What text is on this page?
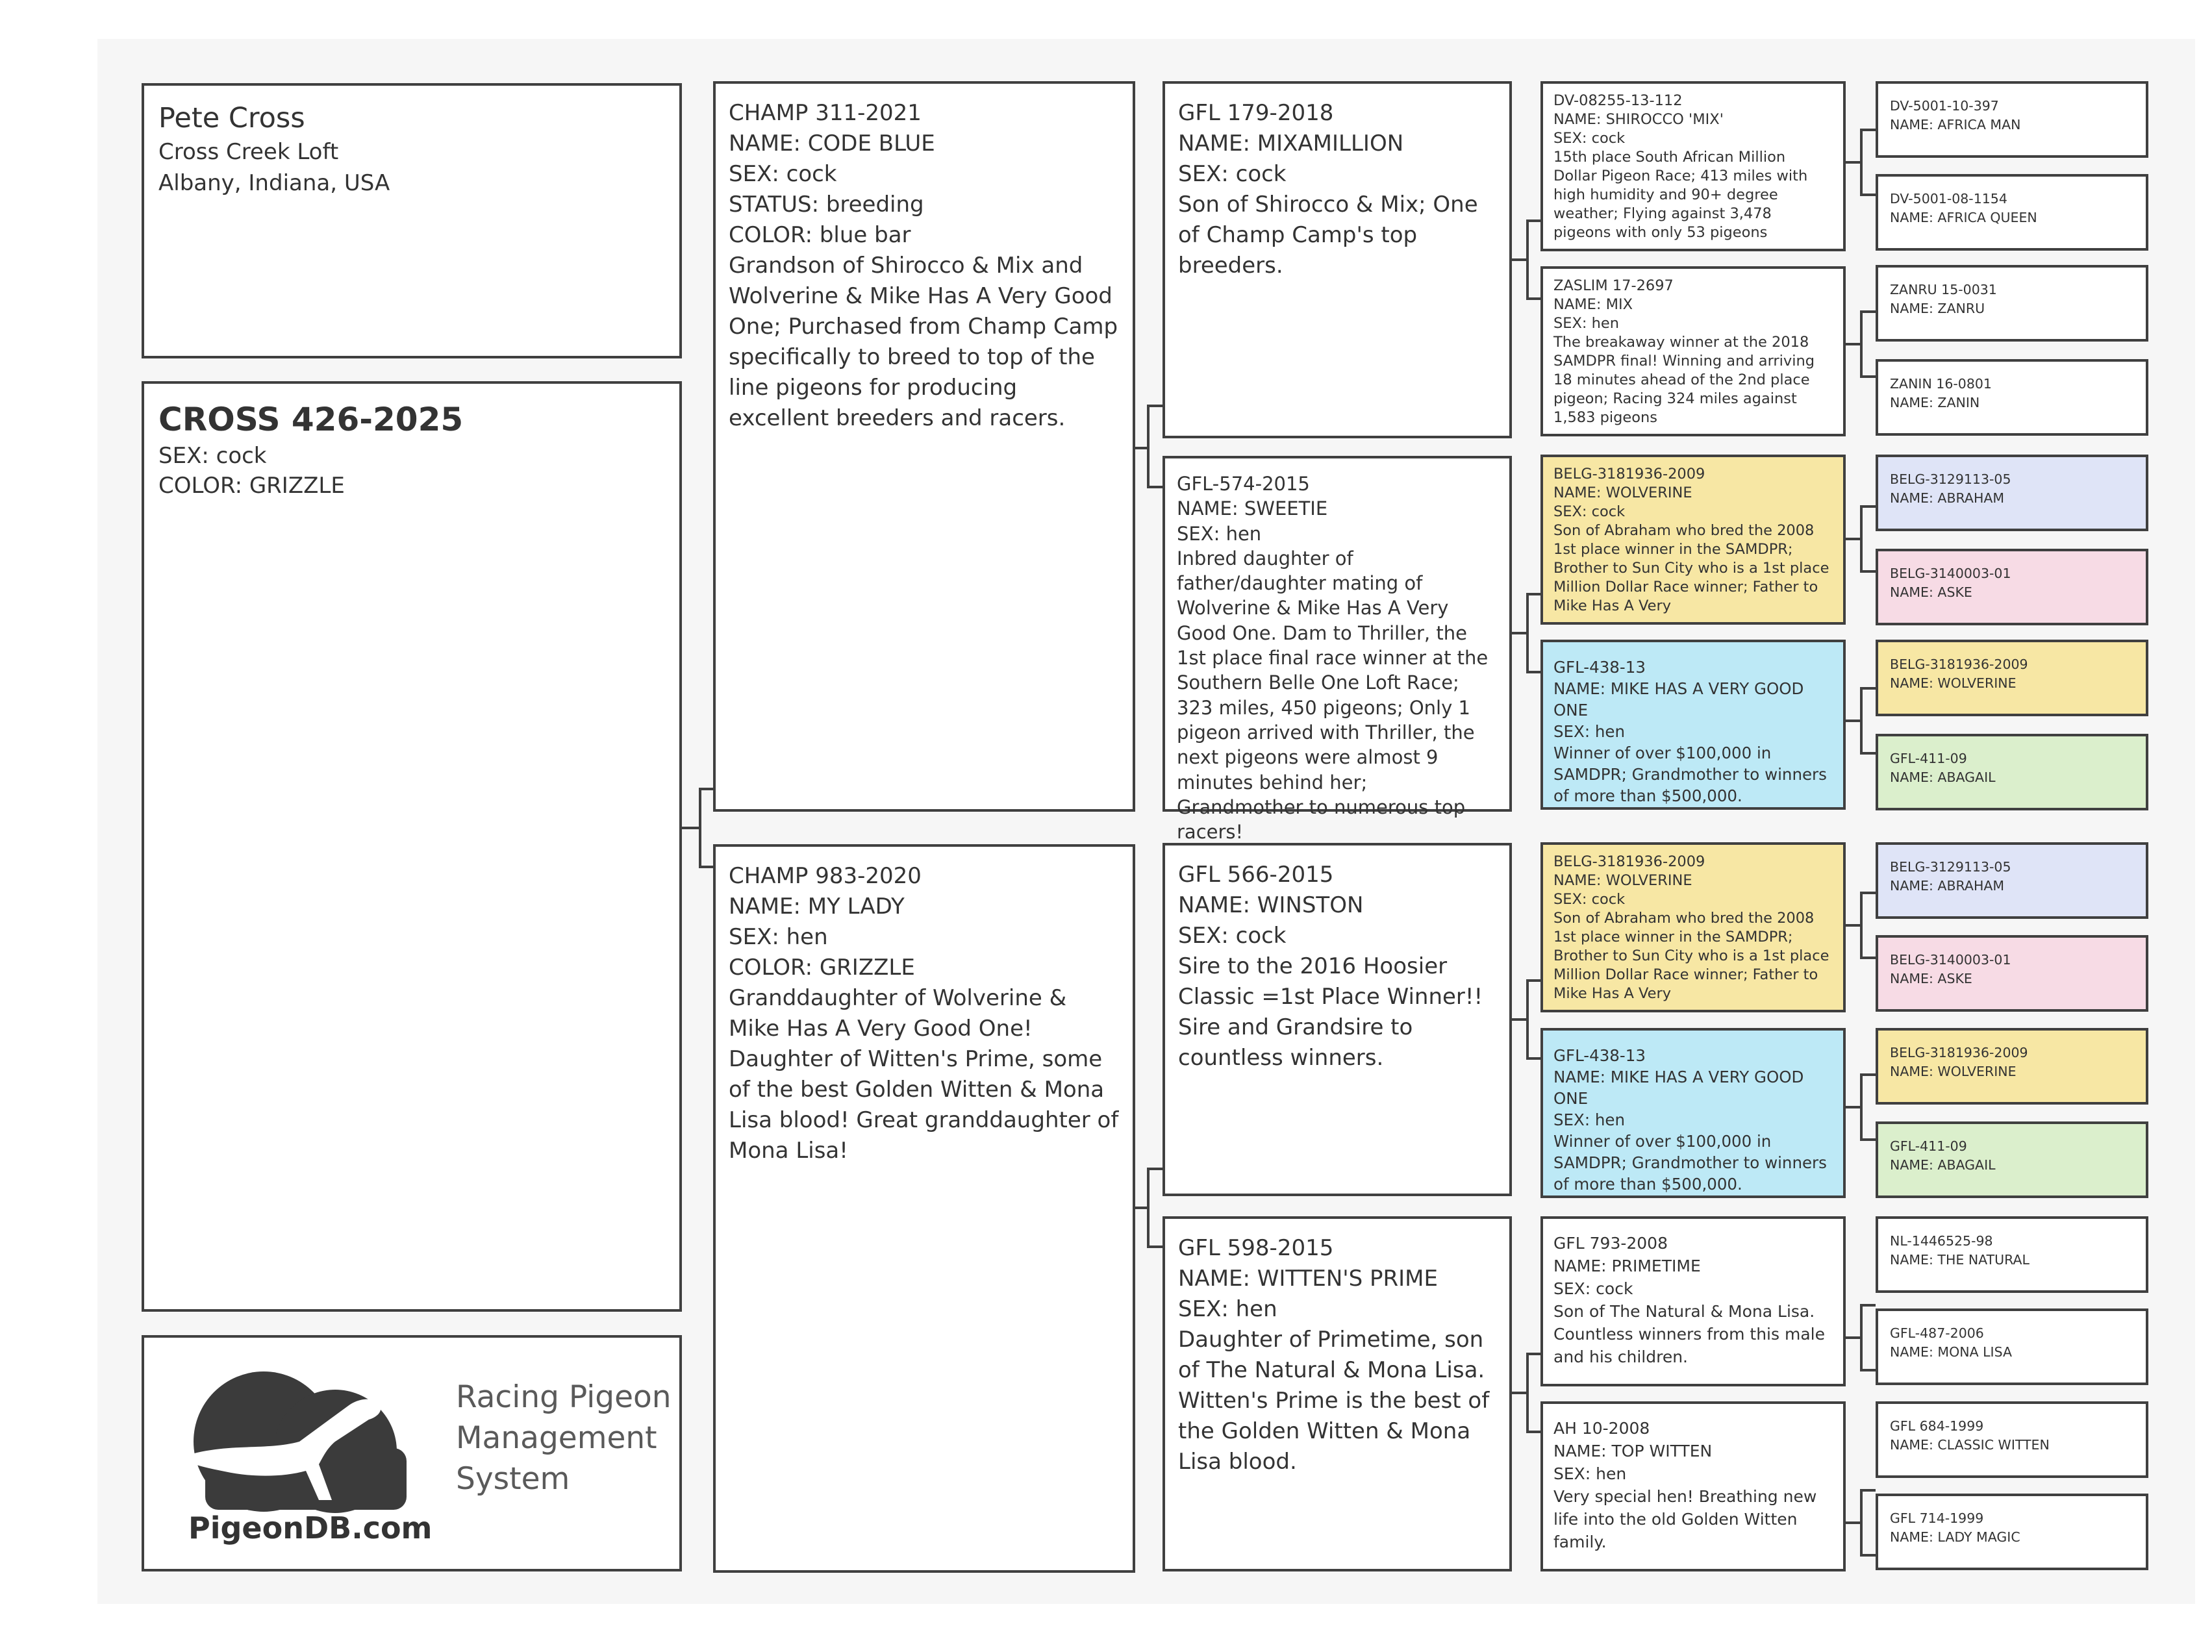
Pete Cross
Cross Creek Loft
Albany, Indiana, USA
CROSS 426-2025
SEX: cock
COLOR: GRIZZLE
Racing Pigeon
Management
System
PigeonDB.com
CHAMP 311-2021
NAME: CODE BLUE
SEX: cock
STATUS: breeding
COLOR: blue bar
Grandson of Shirocco & Mix and Wolverine & Mike Has A Very Good One; Purchased from Champ Camp specifically to breed to top of the line pigeons for producing excellent breeders and racers.
CHAMP 983-2020
NAME: MY LADY
SEX: hen
COLOR: GRIZZLE
Granddaughter of Wolverine & Mike Has A Very Good One! Daughter of Witten's Prime, some of the best Golden Witten & Mona Lisa blood! Great granddaughter of Mona Lisa!
GFL 179-2018
NAME: MIXAMILLION
SEX: cock
Son of Shirocco & Mix; One of Champ Camp's top breeders.
GFL-574-2015
NAME: SWEETIE
SEX: hen
Inbred daughter of father/daughter mating of Wolverine & Mike Has A Very Good One. Dam to Thriller, the 1st place final race winner at the Southern Belle One Loft Race; 323 miles, 450 pigeons; Only 1 pigeon arrived with Thriller, the next pigeons were almost 9 minutes behind her; Grandmother to numerous top racers!
GFL 566-2015
NAME: WINSTON
SEX: cock
Sire to the 2016 Hoosier Classic =1st Place Winner!! Sire and Grandsire to countless winners.
GFL 598-2015
NAME: WITTEN'S PRIME
SEX: hen
Daughter of Primetime, son of The Natural & Mona Lisa. Witten's Prime is the best of the Golden Witten & Mona Lisa blood.
DV-08255-13-112
NAME: SHIROCCO 'MIX'
SEX: cock
15th place South African Million Dollar Pigeon Race; 413 miles with high humidity and 90+ degree weather; Flying against 3,478 pigeons with only 53 pigeons
ZASLIM 17-2697
NAME: MIX
SEX: hen
The breakaway winner at the 2018 SAMDPR final! Winning and arriving 18 minutes ahead of the 2nd place pigeon; Racing 324 miles against 1,583 pigeons
BELG-3181936-2009
NAME: WOLVERINE
SEX: cock
Son of Abraham who bred the 2008 1st place winner in the SAMDPR; Brother to Sun City who is a 1st place Million Dollar Race winner; Father to Mike Has A Very
GFL-438-13
NAME: MIKE HAS A VERY GOOD ONE
SEX: hen
Winner of over $100,000 in SAMDPR; Grandmother to winners of more than $500,000.
BELG-3181936-2009
NAME: WOLVERINE
SEX: cock
Son of Abraham who bred the 2008 1st place winner in the SAMDPR; Brother to Sun City who is a 1st place Million Dollar Race winner; Father to Mike Has A Very
GFL-438-13
NAME: MIKE HAS A VERY GOOD ONE
SEX: hen
Winner of over $100,000 in SAMDPR; Grandmother to winners of more than $500,000.
GFL 793-2008
NAME: PRIMETIME
SEX: cock
Son of The Natural & Mona Lisa. Countless winners from this male and his children.
AH 10-2008
NAME: TOP WITTEN
SEX: hen
Very special hen! Breathing new life into the old Golden Witten family.
DV-5001-10-397
NAME: AFRICA MAN
DV-5001-08-1154
NAME: AFRICA QUEEN
ZANRU 15-0031
NAME: ZANRU
ZANIN 16-0801
NAME: ZANIN
BELG-3129113-05
NAME: ABRAHAM
BELG-3140003-01
NAME: ASKE
BELG-3181936-2009
NAME: WOLVERINE
GFL-411-09
NAME: ABAGAIL
BELG-3129113-05
NAME: ABRAHAM
BELG-3140003-01
NAME: ASKE
BELG-3181936-2009
NAME: WOLVERINE
GFL-411-09
NAME: ABAGAIL
NL-1446525-98
NAME: THE NATURAL
GFL-487-2006
NAME: MONA LISA
GFL 684-1999
NAME: CLASSIC WITTEN
GFL 714-1999
NAME: LADY MAGIC
